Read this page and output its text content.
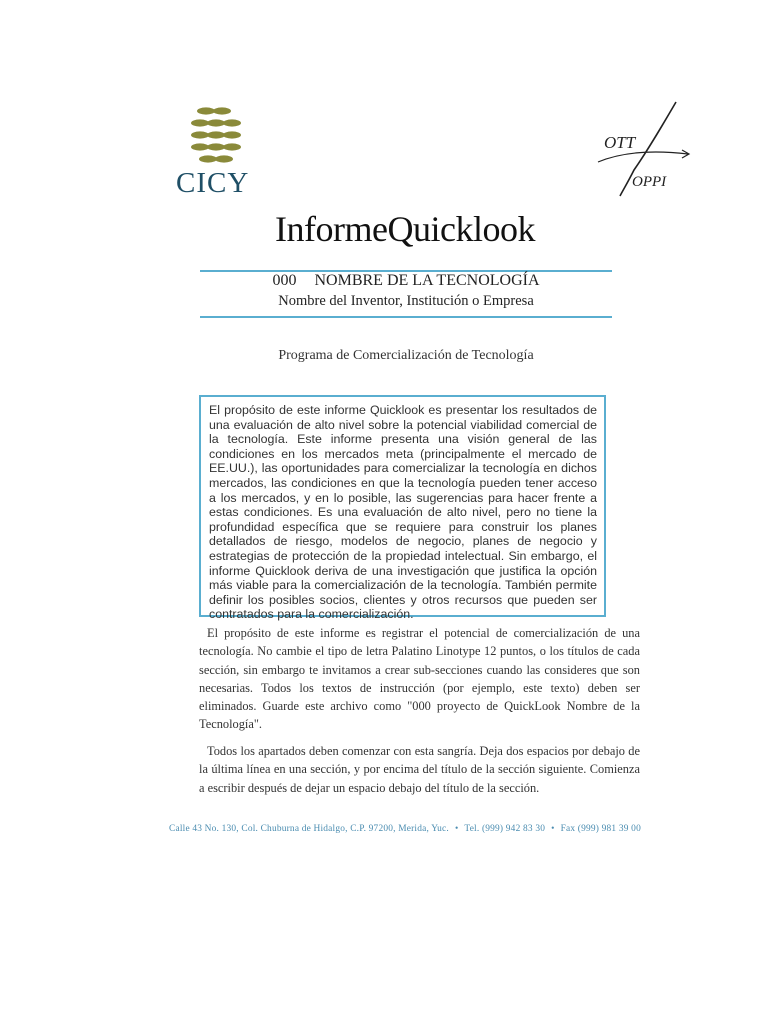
CICY
OTT
OPPI
InformeQuicklook
000 NOMBRE DE LA TECNOLOGÍA
Nombre del Inventor, Institución o Empresa
Programa de Comercialización de Tecnología
El propósito de este informe Quicklook es presentar los resultados de una evaluación de alto nivel sobre la potencial viabilidad comercial de la tecnología. Este informe presenta una visión general de las condiciones en los mercados meta (principalmente el mercado de EE.UU.), las oportunidades para comercializar la tecnología en dichos mercados, las condiciones en que la tecnología pueden tener acceso a los mercados, y en lo posible, las sugerencias para hacer frente a estas condiciones. Es una evaluación de alto nivel, pero no tiene la profundidad específica que se requiere para construir los planes detallados de riesgo, modelos de negocio, planes de negocio y estrategias de protección de la propiedad intelectual. Sin embargo, el informe Quicklook deriva de una investigación que justifica la opción más viable para la comercialización de la tecnología. También permite definir los posibles socios, clientes y otros recursos que pueden ser contratados para la comercialización.

El propósito de este informe es registrar el potencial de comercialización de una tecnología. No cambie el tipo de letra Palatino Linotype 12 puntos, o los títulos de cada sección, sin embargo te invitamos a crear sub-secciones cuando las consideres que son necesarias. Todos los textos de instrucción (por ejemplo, este texto) deben ser eliminados. Guarde este archivo como "000 proyecto de QuickLook Nombre de la Tecnología".

Todos los apartados deben comenzar con esta sangría. Deja dos espacios por debajo de la última línea en una sección, y por encima del título de la sección siguiente. Comienza a escribir después de dejar un espacio debajo del título de la sección.

Calle 43 No. 130, Col. Chuburna de Hidalgo, C.P. 97200, Merida, Yuc. • Tel. (999) 942 83 30 • Fax (999) 981 39 00
